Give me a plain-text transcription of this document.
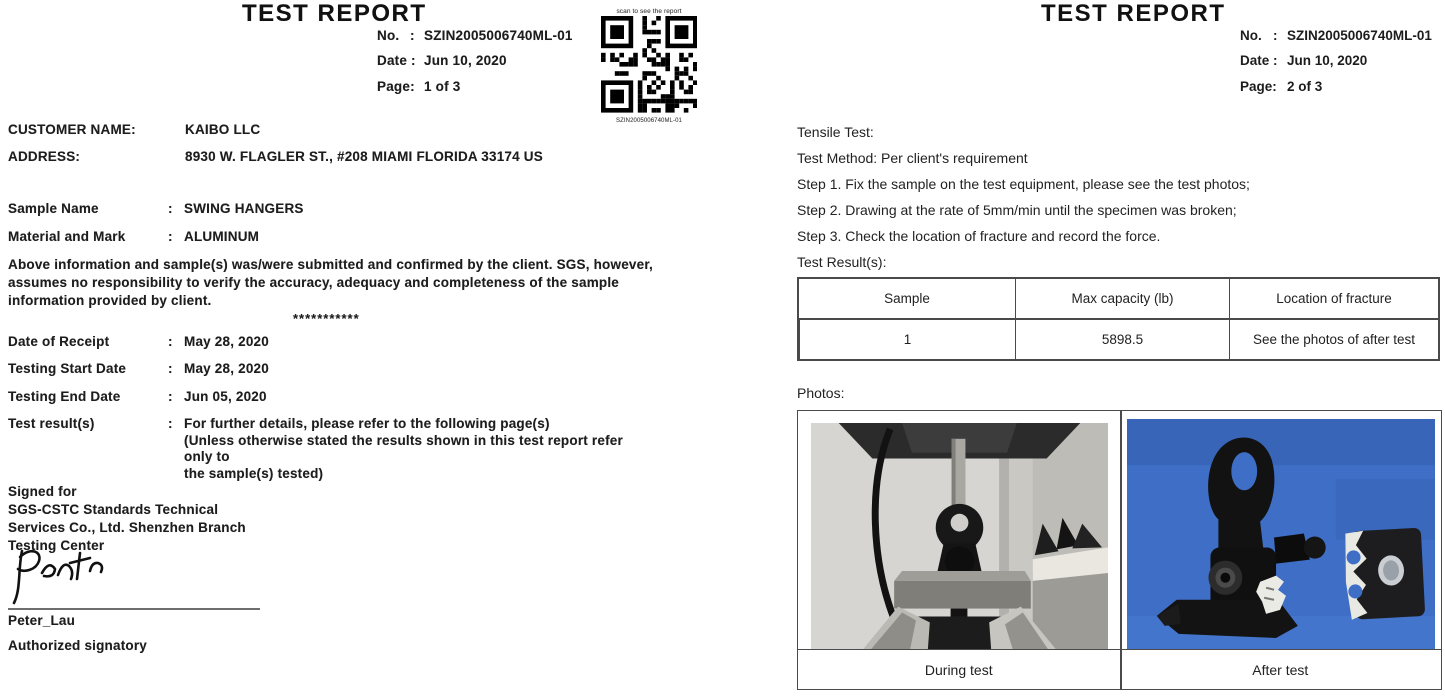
TEST REPORT
No. : SZIN2005006740ML-01
Date : Jun 10, 2020
Page: 1 of 3
scan to see the report
SZIN2005006740ML-01
CUSTOMER NAME:	KAIBO LLC
ADDRESS:	8930 W. FLAGLER ST., #208 MIAMI FLORIDA 33174 US
Sample Name	: SWING HANGERS
Material and Mark	: ALUMINUM
Above information and sample(s) was/were submitted and confirmed by the client. SGS, however,
assumes no responsibility to verify the accuracy, adequacy and completeness of the sample
information provided by client.
***********
Date of Receipt	: May 28, 2020
Testing Start Date	: May 28, 2020
Testing End Date	: Jun 05, 2020
Test result(s)	: For further details, please refer to the following page(s)
(Unless otherwise stated the results shown in this test report refer only to
the sample(s) tested)
Signed for
SGS-CSTC Standards Technical
Services Co., Ltd. Shenzhen Branch
Testing Center
Peter_Lau
Authorized signatory
TEST REPORT
No. : SZIN2005006740ML-01
Date : Jun 10, 2020
Page: 2 of 3
Tensile Test:
Test Method: Per client's requirement
Step 1. Fix the sample on the test equipment, please see the test photos;
Step 2. Drawing at the rate of 5mm/min until the specimen was broken;
Step 3. Check the location of fracture and record the force.
Test Result(s):
Sample	Max capacity (lb)	Location of fracture
1	5898.5	See the photos of after test
Photos:
During test	After test
